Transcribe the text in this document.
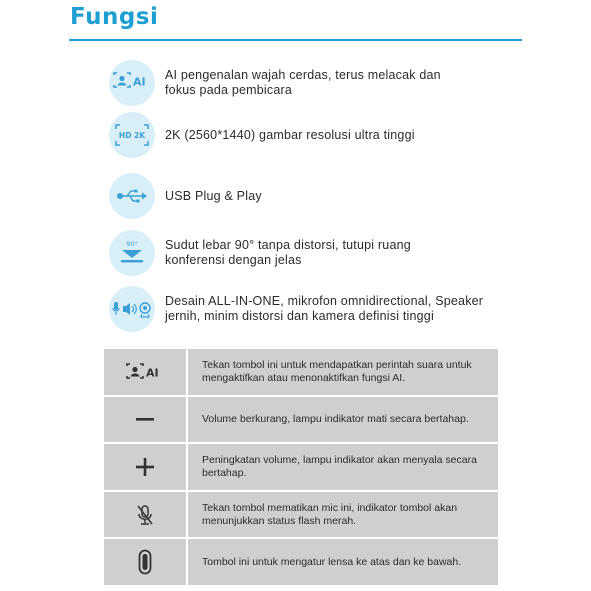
Fungsi
AI AI pengenalan wajah cerdas, terus melacak dan fokus pada pembicara
HD 2K 2K (2560*1440) gambar resolusi ultra tinggi
USB Plug & Play
90° Sudut lebar 90° tanpa distorsi, tutupi ruang konferensi dengan jelas
Desain ALL-IN-ONE, mikrofon omnidirectional, Speaker jernih, minim distorsi dan kamera definisi tinggi
AI
Tekan tombol ini untuk mendapatkan perintah suara untuk mengaktifkan atau menonaktifkan fungsi AI.
Volume berkurang, lampu indikator mati secara bertahap.
Peningkatan volume, lampu indikator akan menyala secara bertahap.
Tekan tombol mematikan mic ini, indikator tombol akan menunjukkan status flash merah.
Tombol ini untuk mengatur lensa ke atas dan ke bawah.
